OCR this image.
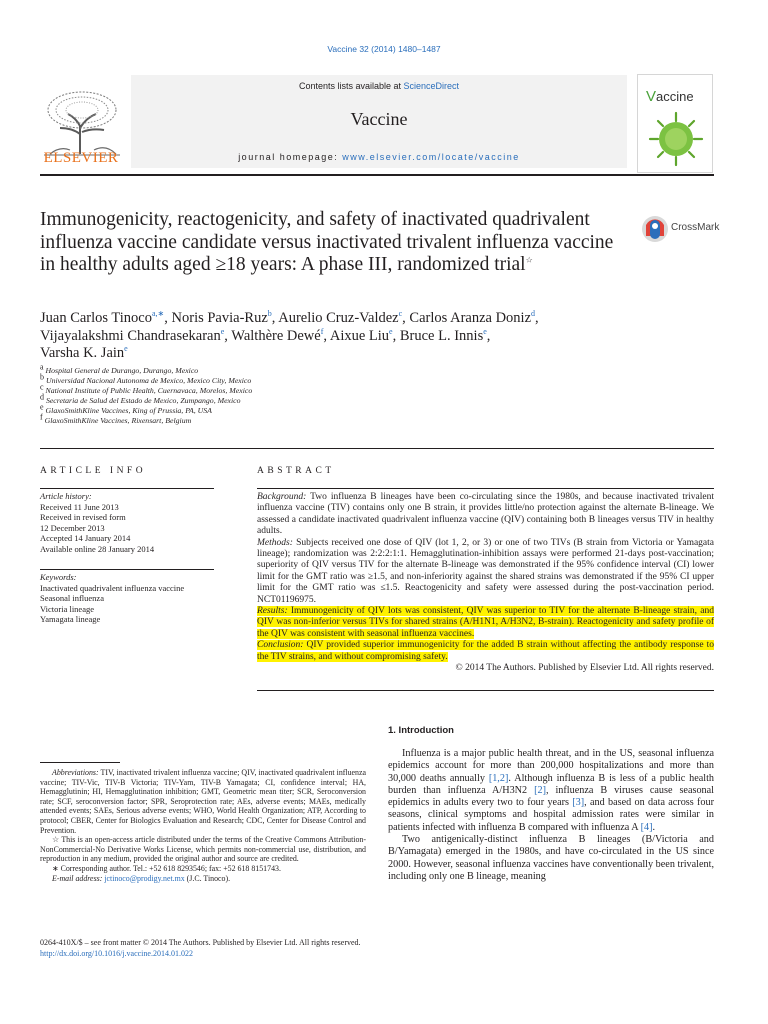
Vaccine 32 (2014) 1480–1487
ELSEVIER
Contents lists available at ScienceDirect
Vaccine
journal homepage: www.elsevier.com/locate/vaccine
Vaccine
Immunogenicity, reactogenicity, and safety of inactivated quadrivalent influenza vaccine candidate versus inactivated trivalent influenza vaccine in healthy adults aged ≥18 years: A phase III, randomized trial☆
CrossMark
Juan Carlos Tinoco$^{a,∗}$, Noris Pavia-Ruz$^b$, Aurelio Cruz-Valdez$^c$, Carlos Aranza Doniz$^d$,
Vijayalakshmi Chandrasekaran$^e$, Walthère Dewé$^f$, Aixue Liu$^e$, Bruce L. Innis$^e$,
Varsha K. Jain$^e$
$^a$ Hospital General de Durango, Durango, Mexico
$^b$ Universidad Nacional Autonoma de Mexico, Mexico City, Mexico
$^c$ National Institute of Public Health, Cuernavaca, Morelos, Mexico
$^d$ Secretaria de Salud del Estado de Mexico, Zumpango, Mexico
$^e$ GlaxoSmithKline Vaccines, King of Prussia, PA, USA
$^f$ GlaxoSmithKline Vaccines, Rixensart, Belgium
ARTICLE INFO
Article history:
Received 11 June 2013
Received in revised form
12 December 2013
Accepted 14 January 2014
Available online 28 January 2014
Keywords:
Inactivated quadrivalent influenza vaccine
Seasonal influenza
Victoria lineage
Yamagata lineage
ABSTRACT

Background: Two influenza B lineages have been co-circulating since the 1980s, and because inactivated trivalent influenza vaccine (TIV) contains only one B strain, it provides little/no protection against the alternate B-lineage. We assessed a candidate inactivated quadrivalent influenza vaccine (QIV) containing both B lineages versus TIV in healthy adults.

Methods: Subjects received one dose of QIV (lot 1, 2, or 3) or one of two TIVs (B strain from Victoria or Yamagata lineage); randomization was 2:2:2:1:1. Hemagglutination-inhibition assays were performed 21-days post-vaccination; superiority of QIV versus TIV for the alternate B-lineage was demonstrated if the 95% confidence interval (CI) lower limit for the GMT ratio was ≥1.5, and non-inferiority against the shared strains was demonstrated if the 95% CI upper limit for the GMT ratio was ≤1.5. Reactogenicity and safety were assessed during the post-vaccination period. NCT01196975.

Results: Immunogenicity of QIV lots was consistent, QIV was superior to TIV for the alternate B-lineage strain, and QIV was non-inferior versus TIVs for shared strains (A/H1N1, A/H3N2, B-strain). Reactogenicity and safety profile of the QIV was consistent with seasonal influenza vaccines.

Conclusion: QIV provided superior immunogenicity for the added B strain without affecting the antibody response to the TIV strains, and without compromising safety.

© 2014 The Authors. Published by Elsevier Ltd. All rights reserved.

1. Introduction

Influenza is a major public health threat, and in the US, seasonal influenza epidemics account for more than 200,000 hospitalizations and more than 30,000 deaths annually [1,2]. Although influenza B is less of a public health burden than influenza A/H3N2 [2], influenza B viruses cause seasonal epidemics in adults every two to four years [3], and based on data across four seasons, clinical symptoms and hospital admission rates were similar in patients infected with influenza B compared with influenza A [4].

Two antigenically-distinct influenza B lineages (B/Victoria and B/Yamagata) emerged in the 1980s, and have co-circulated in the US since 2000. However, seasonal influenza vaccines have conventionally been trivalent, including only one B lineage, meaning

Abbreviations: TIV, inactivated trivalent influenza vaccine; QIV, inactivated quadrivalent influenza vaccine; TIV-Vic, TIV-B Victoria; TIV-Yam, TIV-B Yamagata; CI, confidence interval; HA, Hemagglutinin; HI, Hemagglutination inhibition; GMT, Geometric mean titer; SCR, Seroconversion rate; SCF, seroconversion factor; SPR, Seroprotection rate; AEs, adverse events; MAEs, medically attended events; SAEs, Serious adverse events; WHO, World Health Organization; ATP, According to protocol; CBER, Center for Biologics Evaluation and Research; CDC, Center for Disease Control and Prevention.

☆ This is an open-access article distributed under the terms of the Creative Commons Attribution-NonCommercial-No Derivative Works License, which permits non-commercial use, distribution, and reproduction in any medium, provided the original author and source are credited.

∗ Corresponding author. Tel.: +52 618 8293546; fax: +52 618 8151743.

E-mail address: jctinoco@prodigy.net.mx (J.C. Tinoco).

0264-410X/$ – see front matter © 2014 The Authors. Published by Elsevier Ltd. All rights reserved.
http://dx.doi.org/10.1016/j.vaccine.2014.01.022
